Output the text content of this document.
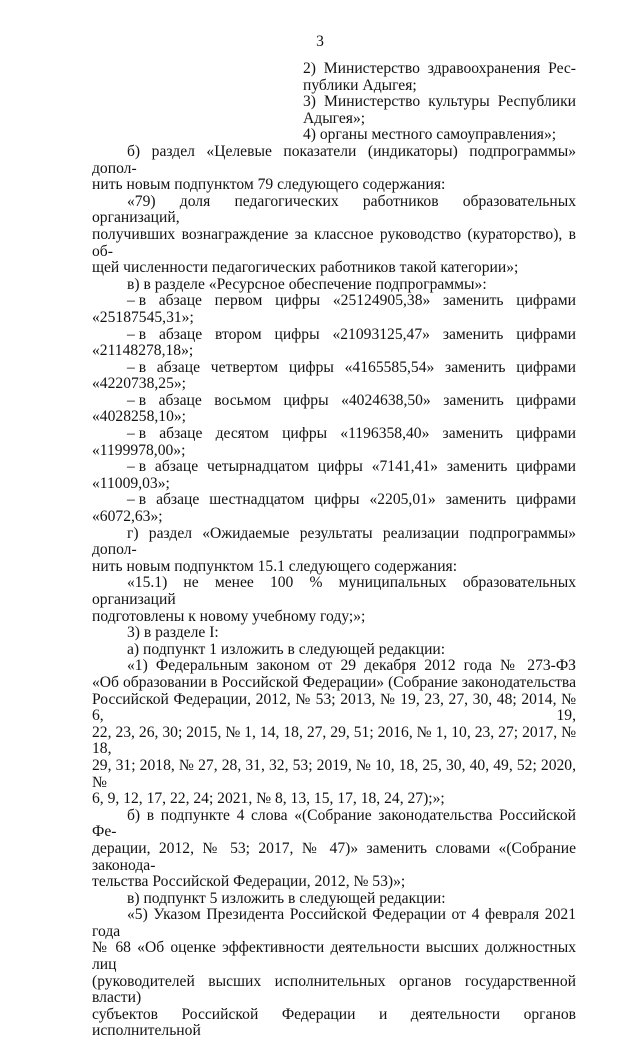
3

2) Министерство здравоохранения Рес-

публики Адыгея;

3) Министерство культуры Республики

Адыгея»;

4) органы местного самоуправления»;

б) раздел «Целевые показатели (индикаторы) подпрограммы» допол-

нить новым подпунктом 79 следующего содержания:

«79) доля педагогических работников образовательных организаций,

получивших вознаграждение за классное руководство (кураторство), в об-

щей численности педагогических работников такой категории»;

в) в разделе «Ресурсное обеспечение подпрограммы»:

– в абзаце первом цифры «25124905,38» заменить цифрами

«25187545,31»;

– в абзаце втором цифры «21093125,47» заменить цифрами

«21148278,18»;

– в абзаце четвертом цифры «4165585,54» заменить цифрами

«4220738,25»;

– в абзаце восьмом цифры «4024638,50» заменить цифрами

«4028258,10»;

– в абзаце десятом цифры «1196358,40» заменить цифрами

«1199978,00»;

– в абзаце четырнадцатом цифры «7141,41» заменить цифрами

«11009,03»;

– в абзаце шестнадцатом цифры «2205,01» заменить цифрами

«6072,63»;

г) раздел «Ожидаемые результаты реализации подпрограммы» допол-

нить новым подпунктом 15.1 следующего содержания:

«15.1) не менее 100 % муниципальных образовательных организаций

подготовлены к новому учебному году;»;

3) в разделе I:

а) подпункт 1 изложить в следующей редакции:

«1) Федеральным законом от 29 декабря 2012 года № 273-ФЗ

«Об образовании в Российской Федерации» (Собрание законодательства

Российской Федерации, 2012, № 53; 2013, № 19, 23, 27, 30, 48; 2014, № 6, 19,

22, 23, 26, 30; 2015, № 1, 14, 18, 27, 29, 51; 2016, № 1, 10, 23, 27; 2017, № 18,

29, 31; 2018, № 27, 28, 31, 32, 53; 2019, № 10, 18, 25, 30, 40, 49, 52; 2020, №

6, 9, 12, 17, 22, 24; 2021, № 8, 13, 15, 17, 18, 24, 27);»;

б) в подпункте 4 слова «(Собрание законодательства Российской Фе-

дерации, 2012, № 53; 2017, № 47)» заменить словами «(Собрание законода-

тельства Российской Федерации, 2012, № 53)»;

в) подпункт 5 изложить в следующей редакции:

«5) Указом Президента Российской Федерации от 4 февраля 2021 года

№ 68 «Об оценке эффективности деятельности высших должностных лиц

(руководителей высших исполнительных органов государственной власти)

субъектов Российской Федерации и деятельности органов исполнительной
